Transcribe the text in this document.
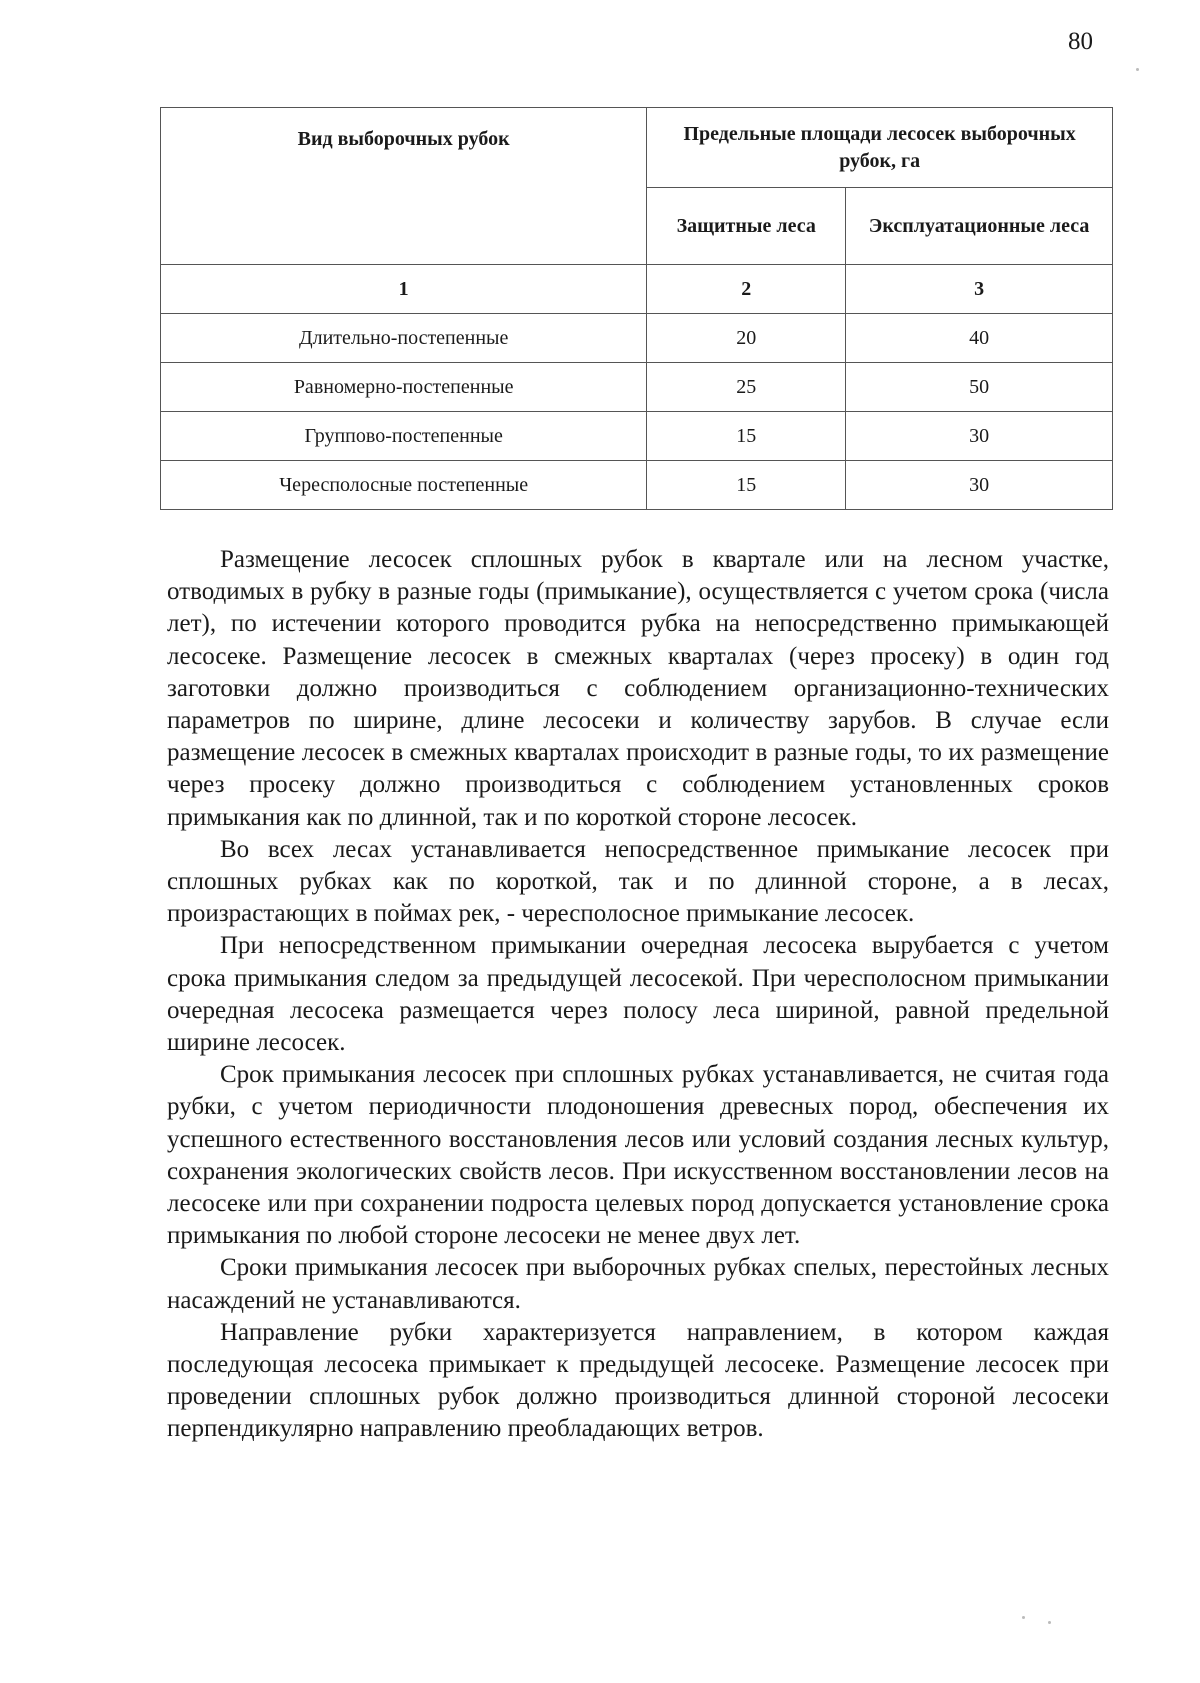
80
Вид выборочных рубок	Предельные площади лесосек выборочных рубок, га	
	Защитные леса	Эксплуатационные леса
1	2	3
Длительно-постепенные	20	40
Равномерно-постепенные	25	50
Группово-постепенные	15	30
Чересполосные постепенные	15	30

Размещение лесосек сплошных рубок в квартале или на лесном участке, отводимых в рубку в разные годы (примыкание), осуществляется с учетом срока (числа лет), по истечении которого проводится рубка на непосредственно примыкающей лесосеке. Размещение лесосек в смежных кварталах (через просеку) в один год заготовки должно производиться с соблюдением организационно-технических параметров по ширине, длине лесосеки и количеству зарубов. В случае если размещение лесосек в смежных кварталах происходит в разные годы, то их размещение через просеку должно производиться с соблюдением установленных сроков примыкания как по длинной, так и по короткой стороне лесосек.

Во всех лесах устанавливается непосредственное примыкание лесосек при сплошных рубках как по короткой, так и по длинной стороне, а в лесах, произрастающих в поймах рек, - чересполосное примыкание лесосек.

При непосредственном примыкании очередная лесосека вырубается с учетом срока примыкания следом за предыдущей лесосекой. При чересполосном примыкании очередная лесосека размещается через полосу леса шириной, равной предельной ширине лесосек.

Срок примыкания лесосек при сплошных рубках устанавливается, не считая года рубки, с учетом периодичности плодоношения древесных пород, обеспечения их успешного естественного восстановления лесов или условий создания лесных культур, сохранения экологических свойств лесов. При искусственном восстановлении лесов на лесосеке или при сохранении подроста целевых пород допускается установление срока примыкания по любой стороне лесосеки не менее двух лет.

Сроки примыкания лесосек при выборочных рубках спелых, перестойных лесных насаждений не устанавливаются.

Направление рубки характеризуется направлением, в котором каждая последующая лесосека примыкает к предыдущей лесосеке. Размещение лесосек при проведении сплошных рубок должно производиться длинной стороной лесосеки перпендикулярно направлению преобладающих ветров.
